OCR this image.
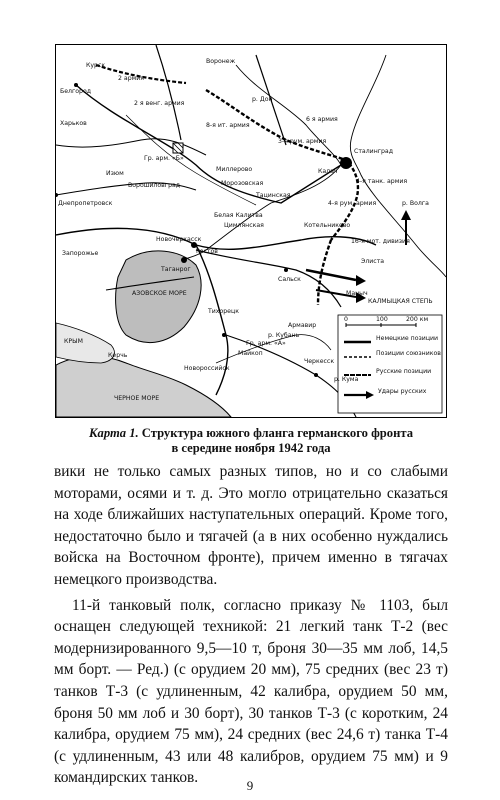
Воронеж
Курск
2 армия
2 я венг. армия
Белгород
Харьков
Гр. арм. «Б»
8-я ит. армия
3-я рум. армия
6 я армия
Сталинград
Калач
4-я танк. армия
4-я рум. армия
Изюм
Ворошиловград
Миллерово
Морозовская
Тацинская
Белая Калитва
Цимлянская	Котельниково
Днепропетровск
Запорожье
Новочеркасск
Ростов
Таганрог
Сальск
16-я мот. дивизия
Элиста
Маныч
КАЛМЫЦКАЯ СТЕПЬ
АЗОВСКОЕ МОРЕ
Тихорецк
Армавир
Майкоп
Гр. арм. «А»
Новороссийск
Черкесск
Керчь
КРЫМ
ЧЕРНОЕ МОРЕ
р. Дон
р. Волга
р. Кубань
р. Кума
0	100	200 км
Немецкие позиции
Позиции союзников
Русские позиции
Удары русских
Карта 1. Структура южного фланга германского фронта
в середине ноября 1942 года

вики не только самых разных типов, но и со слабыми моторами, осями и т. д. Это могло отрицательно сказаться на ходе ближайших наступательных операций. Кроме того, недостаточно было и тягачей (а в них особенно нуждались войска на Восточном фронте), причем именно в тягачах немецкого производства.

11-й танковый полк, согласно приказу № 1103, был оснащен следующей техникой: 21 легкий танк Т-2 (вес модернизированного 9,5—10 т, броня 30—35 мм лоб, 14,5 мм борт. — Ред.) (с орудием 20 мм), 75 средних (вес 23 т) танков Т-3 (с удлиненным, 42 калибра, орудием 50 мм, броня 50 мм лоб и 30 борт), 30 танков Т-3 (с коротким, 24 калибра, орудием 75 мм), 24 средних (вес 24,6 т) танка Т-4 (с удлиненным, 43 или 48 калибров, орудием 75 мм) и 9 командирских танков.	9
